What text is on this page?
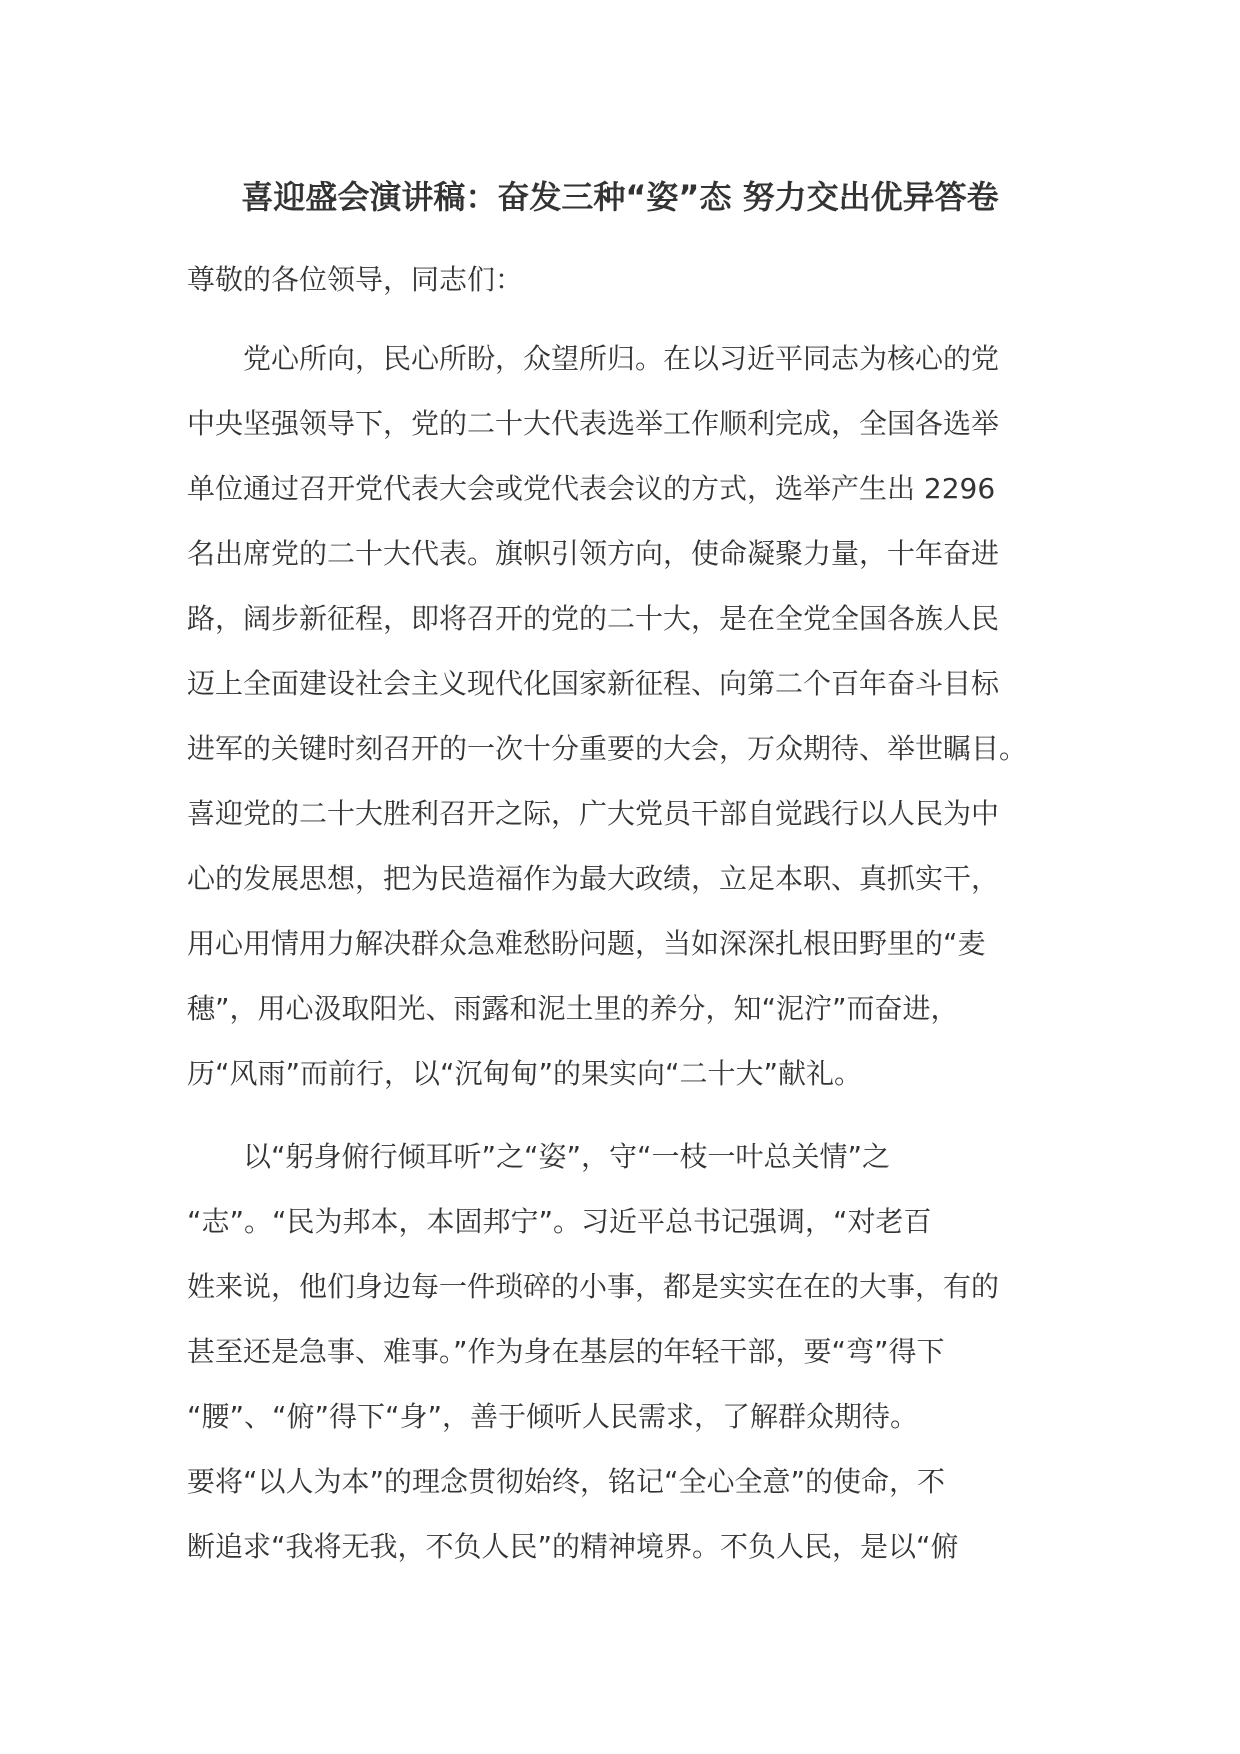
喜迎盛会演讲稿：奋发三种“姿”态 努力交出优异答卷
尊敬的各位领导，同志们：
　　党心所向，民心所盼，众望所归。在以习近平同志为核心的党
中央坚强领导下，党的二十大代表选举工作顺利完成，全国各选举
单位通过召开党代表大会或党代表会议的方式，选举产生出 2296
名出席党的二十大代表。旗帜引领方向，使命凝聚力量，十年奋进
路，阔步新征程，即将召开的党的二十大，是在全党全国各族人民
迈上全面建设社会主义现代化国家新征程、向第二个百年奋斗目标
进军的关键时刻召开的一次十分重要的大会，万众期待、举世瞩目。
喜迎党的二十大胜利召开之际，广大党员干部自觉践行以人民为中
心的发展思想，把为民造福作为最大政绩，立足本职、真抓实干，
用心用情用力解决群众急难愁盼问题，当如深深扎根田野里的“麦
穗”，用心汲取阳光、雨露和泥土里的养分，知“泥泞”而奋进，
历“风雨”而前行，以“沉甸甸”的果实向“二十大”献礼。
　　以“躬身俯行倾耳听”之“姿”，守“一枝一叶总关情”之
“志”。“民为邦本，本固邦宁”。习近平总书记强调，“对老百
姓来说，他们身边每一件琐碎的小事，都是实实在在的大事，有的
甚至还是急事、难事。”作为身在基层的年轻干部，要“弯”得下
“腰”、“俯”得下“身”，善于倾听人民需求，了解群众期待。
要将“以人为本”的理念贯彻始终，铭记“全心全意”的使命，不
断追求“我将无我，不负人民”的精神境界。不负人民，是以“俯
